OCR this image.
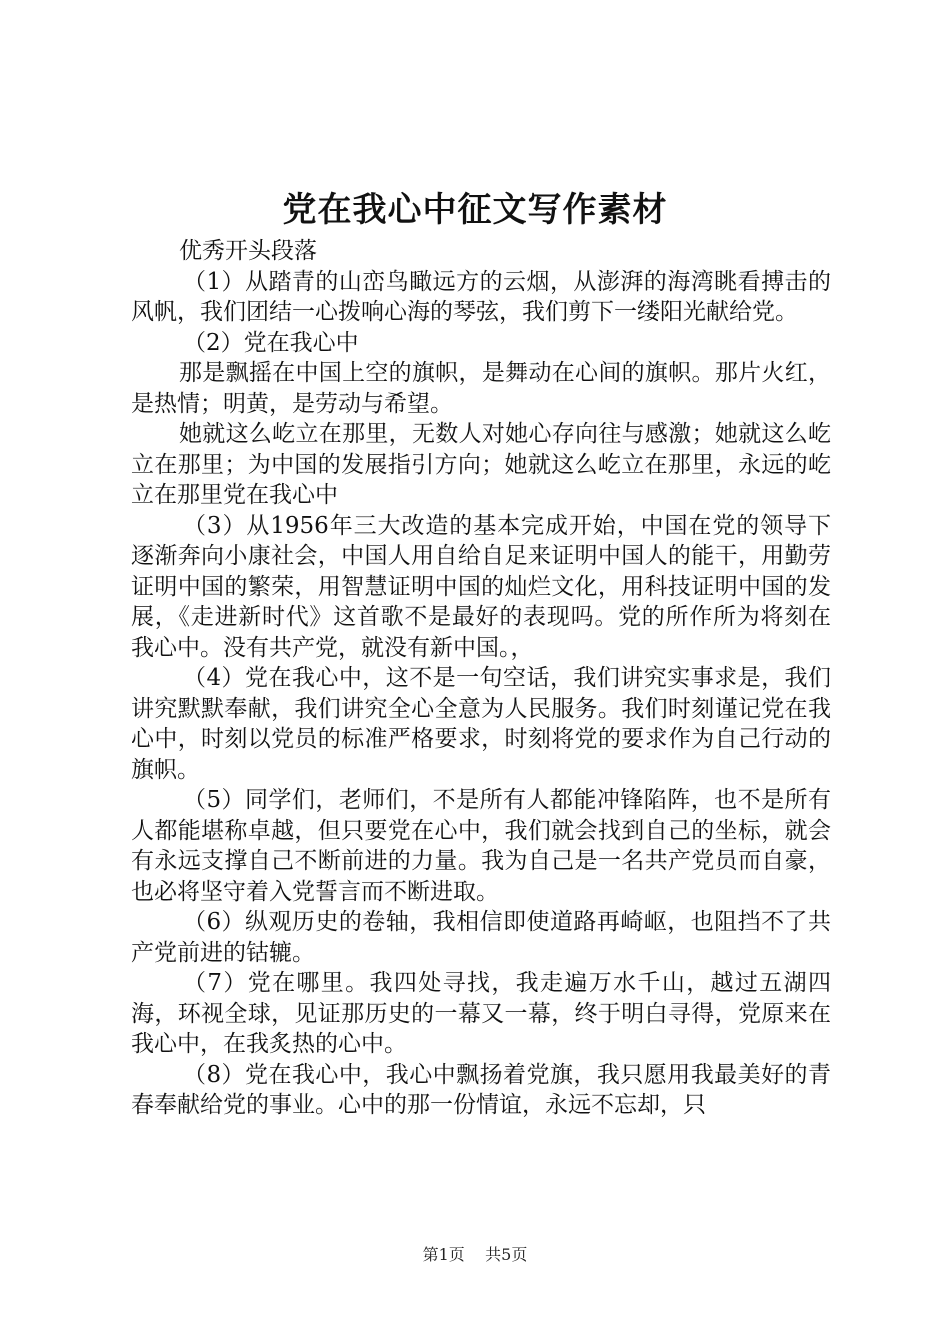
党在我心中征文写作素材

优秀开头段落

（1）从踏青的山峦鸟瞰远方的云烟，从澎湃的海湾眺看搏击的风帆，我们团结一心拨响心海的琴弦，我们剪下一缕阳光献给党。

（2）党在我心中

那是飘摇在中国上空的旗帜，是舞动在心间的旗帜。那片火红，是热情；明黄，是劳动与希望。

她就这么屹立在那里，无数人对她心存向往与感激；她就这么屹立在那里；为中国的发展指引方向；她就这么屹立在那里，永远的屹立在那里党在我心中

（3）从1956年三大改造的基本完成开始，中国在党的领导下逐渐奔向小康社会，中国人用自给自足来证明中国人的能干，用勤劳证明中国的繁荣，用智慧证明中国的灿烂文化，用科技证明中国的发展，《走进新时代》这首歌不是最好的表现吗。党的所作所为将刻在我心中。没有共产党，就没有新中国。，

（4）党在我心中，这不是一句空话，我们讲究实事求是，我们讲究默默奉献，我们讲究全心全意为人民服务。我们时刻谨记党在我心中，时刻以党员的标准严格要求，时刻将党的要求作为自己行动的旗帜。

（5）同学们，老师们，不是所有人都能冲锋陷阵，也不是所有人都能堪称卓越，但只要党在心中，我们就会找到自己的坐标，就会有永远支撑自己不断前进的力量。我为自己是一名共产党员而自豪，也必将坚守着入党誓言而不断进取。

（6）纵观历史的卷轴，我相信即使道路再崎岖，也阻挡不了共产党前进的钴辘。

（7）党在哪里。我四处寻找，我走遍万水千山，越过五湖四海，环视全球，见证那历史的一幕又一幕，终于明白寻得，党原来在我心中，在我炙热的心中。

（8）党在我心中，我心中飘扬着党旗，我只愿用我最美好的青春奉献给党的事业。心中的那一份情谊，永远不忘却，只

第1页 共5页
